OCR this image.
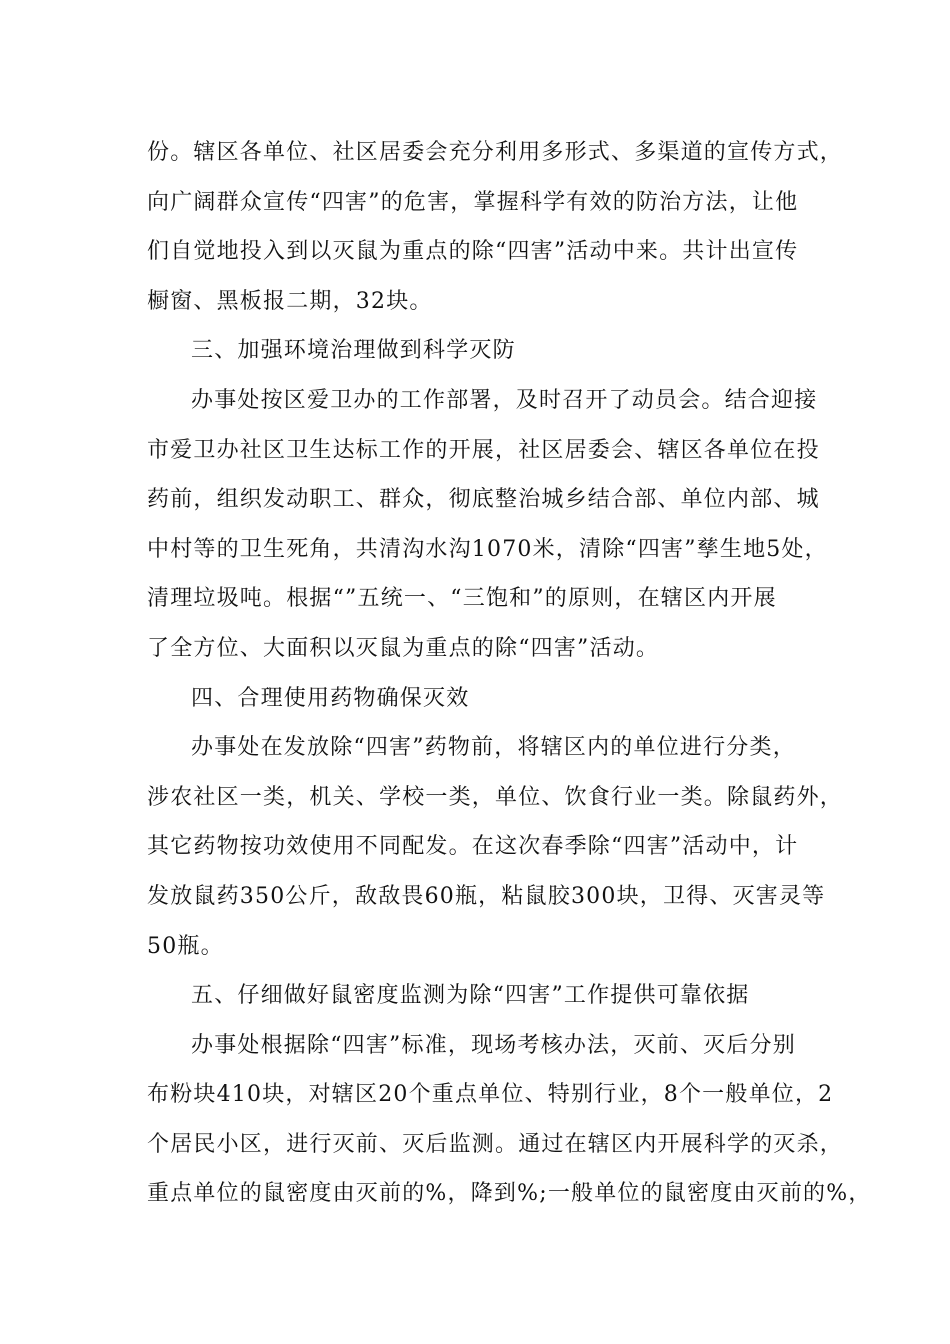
份。辖区各单位、社区居委会充分利用多形式、多渠道的宣传方式，
向广阔群众宣传“四害”的危害，掌握科学有效的防治方法，让他
们自觉地投入到以灭鼠为重点的除“四害”活动中来。共计出宣传
橱窗、黑板报二期，32块。
三、加强环境治理做到科学灭防
办事处按区爱卫办的工作部署，及时召开了动员会。结合迎接
市爱卫办社区卫生达标工作的开展，社区居委会、辖区各单位在投
药前，组织发动职工、群众，彻底整治城乡结合部、单位内部、城
中村等的卫生死角，共清沟水沟1070米，清除“四害”孳生地5处，
清理垃圾吨。根据“”五统一、“三饱和”的原则，在辖区内开展
了全方位、大面积以灭鼠为重点的除“四害”活动。
四、合理使用药物确保灭效
办事处在发放除“四害”药物前，将辖区内的单位进行分类，
涉农社区一类，机关、学校一类，单位、饮食行业一类。除鼠药外，
其它药物按功效使用不同配发。在这次春季除“四害”活动中，计
发放鼠药350公斤，敌敌畏60瓶，粘鼠胶300块，卫得、灭害灵等
50瓶。
五、仔细做好鼠密度监测为除“四害”工作提供可靠依据
办事处根据除“四害”标准，现场考核办法，灭前、灭后分别
布粉块410块，对辖区20个重点单位、特别行业，8个一般单位，2
个居民小区，进行灭前、灭后监测。通过在辖区内开展科学的灭杀，
重点单位的鼠密度由灭前的%，降到%;一般单位的鼠密度由灭前的%，
